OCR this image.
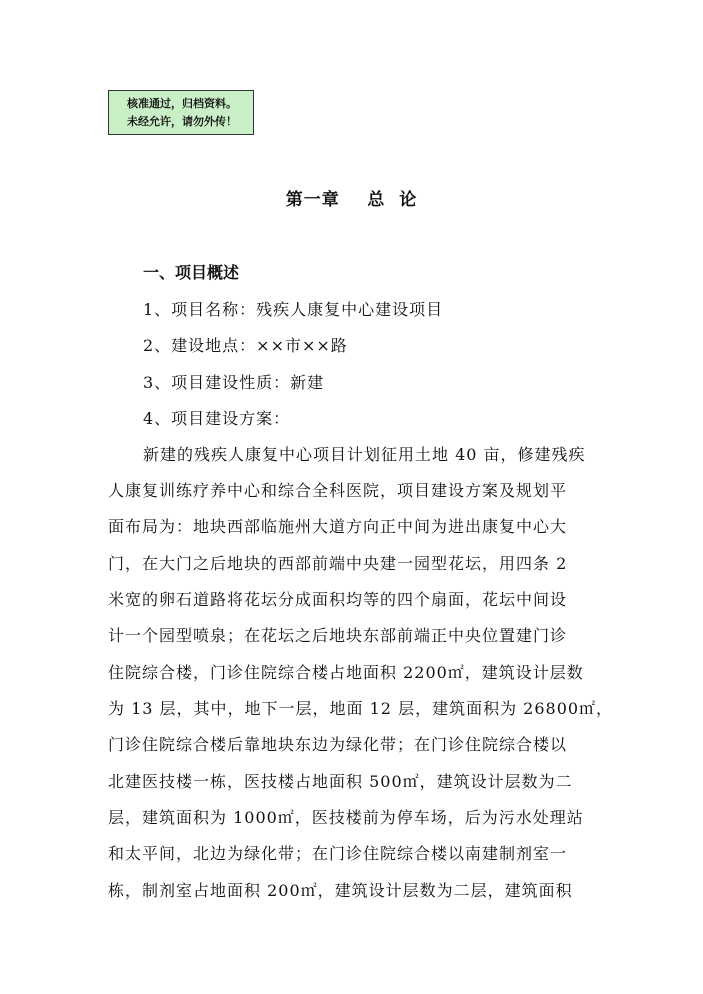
核准通过，归档资料。
未经允许，请勿外传！
第一章    总  论
一、项目概述
1、项目名称：残疾人康复中心建设项目
2、建设地点：××市××路
3、项目建设性质：新建
4、项目建设方案：
新建的残疾人康复中心项目计划征用土地 40 亩，修建残疾
人康复训练疗养中心和综合全科医院，项目建设方案及规划平
面布局为：地块西部临施州大道方向正中间为进出康复中心大
门，在大门之后地块的西部前端中央建一园型花坛，用四条 2
米宽的卵石道路将花坛分成面积均等的四个扇面，花坛中间设
计一个园型喷泉；在花坛之后地块东部前端正中央位置建门诊
住院综合楼，门诊住院综合楼占地面积 2200㎡，建筑设计层数
为 13 层，其中，地下一层，地面 12 层，建筑面积为 26800㎡，
门诊住院综合楼后靠地块东边为绿化带；在门诊住院综合楼以
北建医技楼一栋，医技楼占地面积 500㎡，建筑设计层数为二
层，建筑面积为 1000㎡，医技楼前为停车场，后为污水处理站
和太平间，北边为绿化带；在门诊住院综合楼以南建制剂室一
栋，制剂室占地面积 200㎡，建筑设计层数为二层，建筑面积
